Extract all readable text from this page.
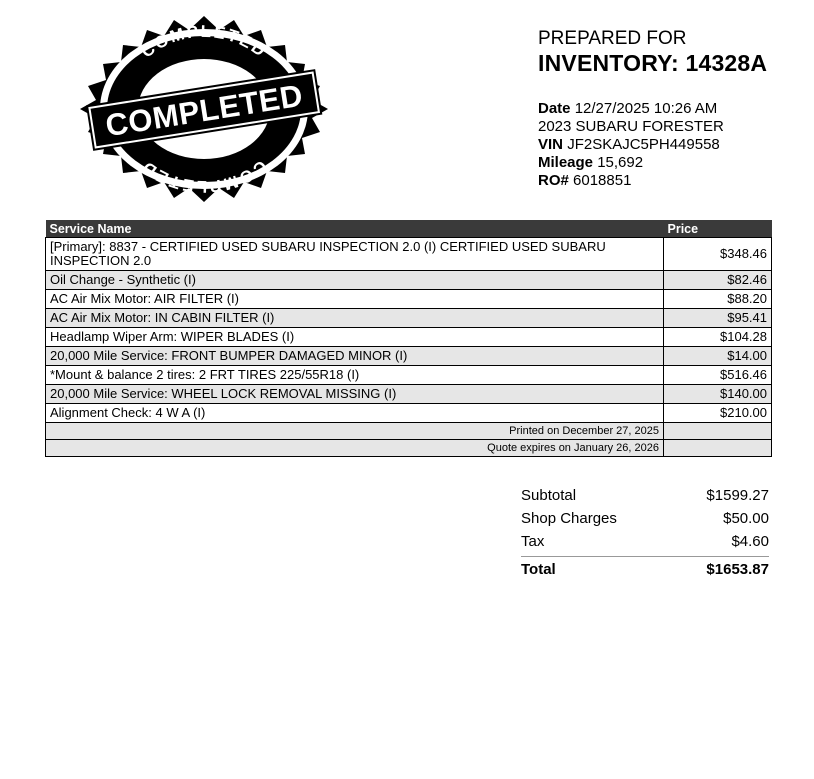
COMPLETED
COMPLETED
COMPLETED
PREPARED FOR
INVENTORY: 14328A
Date 12/27/2025 10:26 AM
2023 SUBARU FORESTER
VIN JF2SKAJC5PH449558
Mileage 15,692
RO# 6018851
Service Name	Price
[Primary]: 8837 - CERTIFIED USED SUBARU INSPECTION 2.0 (I) CERTIFIED USED SUBARU INSPECTION 2.0	$348.46
Oil Change - Synthetic (I)	$82.46
AC Air Mix Motor: AIR FILTER (I)	$88.20
AC Air Mix Motor: IN CABIN FILTER (I)	$95.41
Headlamp Wiper Arm: WIPER BLADES (I)	$104.28
20,000 Mile Service: FRONT BUMPER DAMAGED MINOR (I)	$14.00
*Mount & balance 2 tires: 2 FRT TIRES 225/55R18 (I)	$516.46
20,000 Mile Service: WHEEL LOCK REMOVAL MISSING (I)	$140.00
Alignment Check: 4 W A (I)	$210.00
Printed on December 27, 2025	
Quote expires on January 26, 2026	
Subtotal	$1599.27
Shop Charges	$50.00
Tax	$4.60
Total	$1653.87
